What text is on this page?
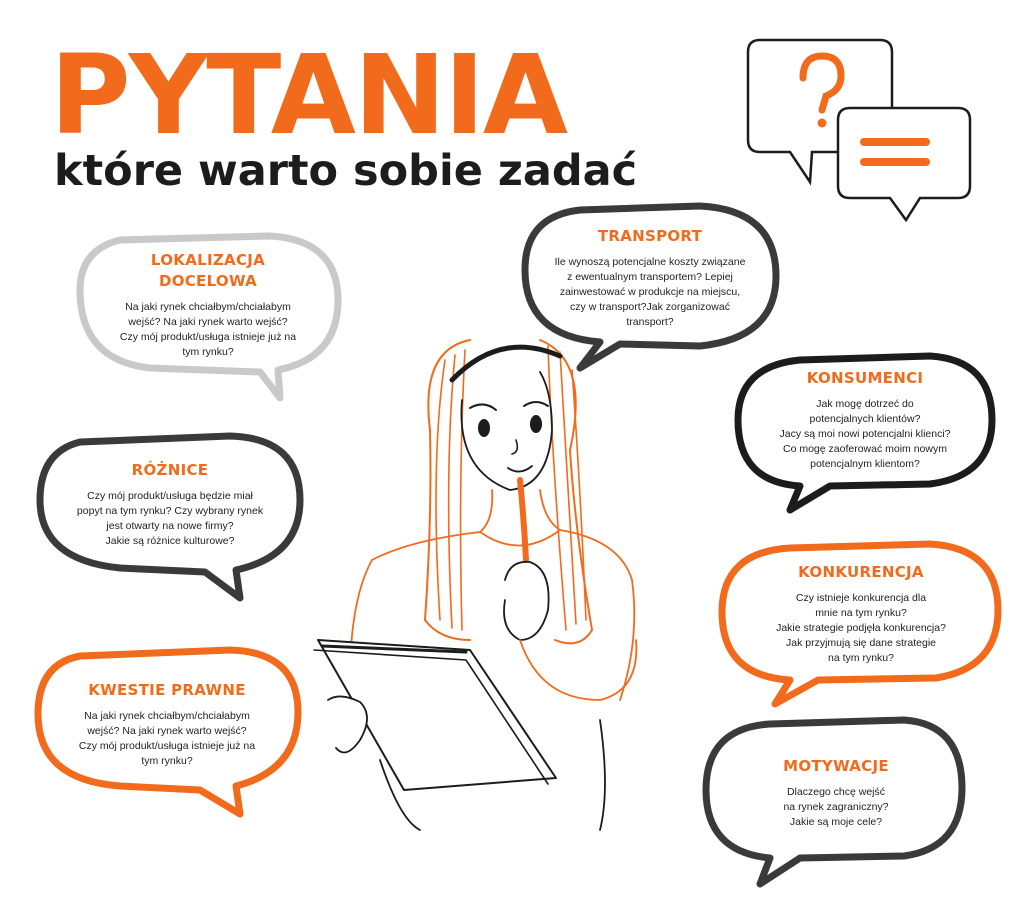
PYTANIA
które warto sobie zadać
LOKALIZACJA
DOCELOWA

Na jaki rynek chciałbym/chciałabym
wejść? Na jaki rynek warto wejść?
Czy mój produkt/usługa istnieje już na
tym rynku?

RÓŻNICE

Czy mój produkt/usługa będzie miał
popyt na tym rynku? Czy wybrany rynek
jest otwarty na nowe firmy?
Jakie są różnice kulturowe?

KWESTIE PRAWNE

Na jaki rynek chciałbym/chciałabym
wejść? Na jaki rynek warto wejść?
Czy mój produkt/usługa istnieje już na
tym rynku?

TRANSPORT

Ile wynoszą potencjalne koszty związane
z ewentualnym transportem? Lepiej
zainwestować w produkcje na miejscu,
czy w transport?Jak zorganizować
transport?

KONSUMENCI

Jak mogę dotrzeć do
potencjalnych klientów?
Jacy są moi nowi potencjalni klienci?
Co mogę zaoferować moim nowym
potencjalnym klientom?

KONKURENCJA

Czy istnieje konkurencja dla
mnie na tym rynku?
Jakie strategie podjęła konkurencja?
Jak przyjmują się dane strategie
na tym rynku?

MOTYWACJE

Dlaczego chcę wejść
na rynek zagraniczny?
Jakie są moje cele?
